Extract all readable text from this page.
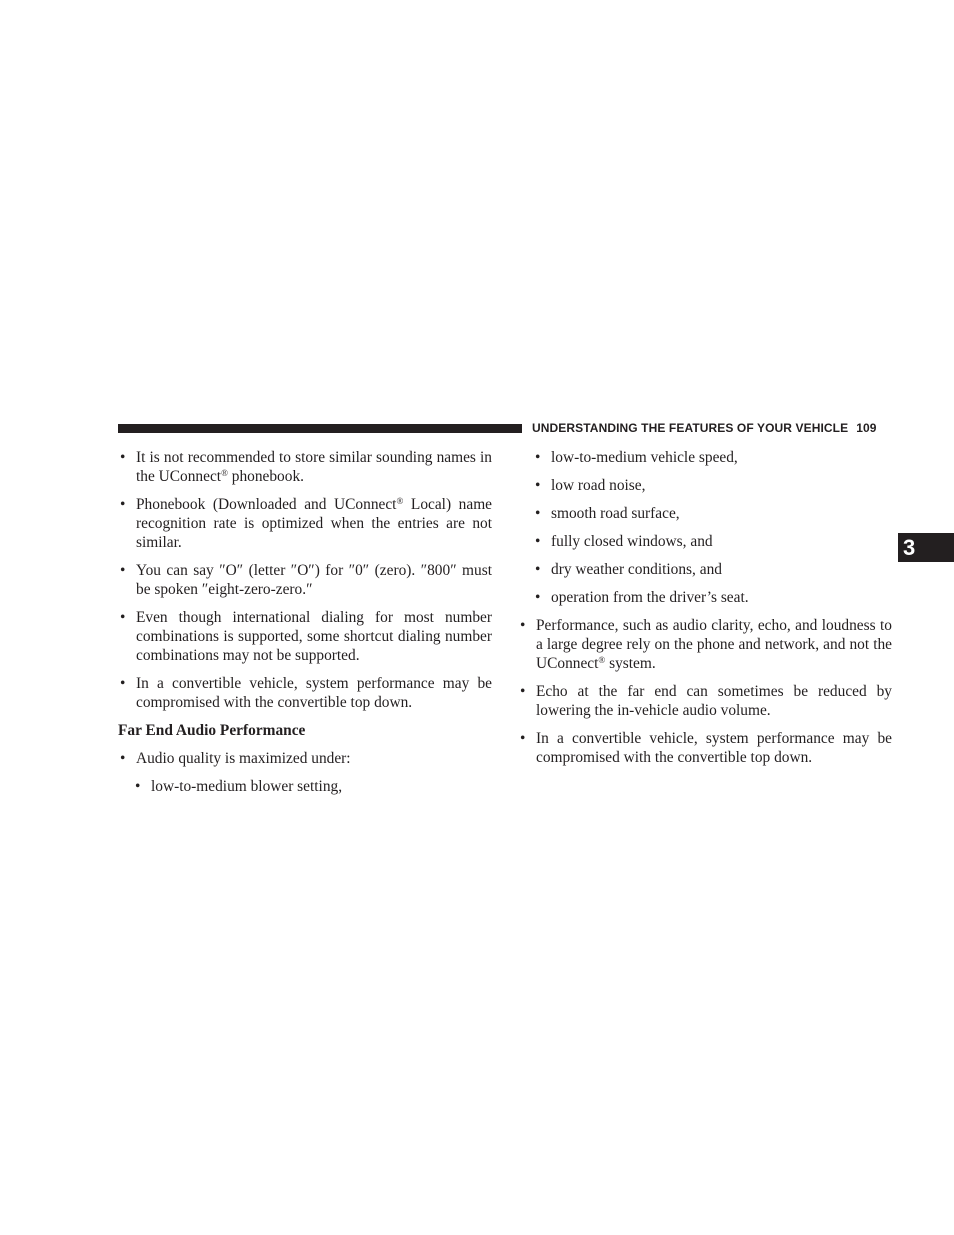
UNDERSTANDING THE FEATURES OF YOUR VEHICLE 109
3
• It is not recommended to store similar sounding names in the UConnect® phonebook.
• Phonebook (Downloaded and UConnect® Local) name recognition rate is optimized when the entries are not similar.
• You can say ″O″ (letter ″O″) for ″0″ (zero). ″800″ must be spoken ″eight-zero-zero.″
• Even though international dialing for most number combinations is supported, some shortcut dialing number combinations may not be supported.
• In a convertible vehicle, system performance may be compromised with the convertible top down.
Far End Audio Performance
• Audio quality is maximized under:
• low-to-medium blower setting,
• low-to-medium vehicle speed,
• low road noise,
• smooth road surface,
• fully closed windows, and
• dry weather conditions, and
• operation from the driver’s seat.
• Performance, such as audio clarity, echo, and loudness to a large degree rely on the phone and network, and not the UConnect® system.
• Echo at the far end can sometimes be reduced by lowering the in-vehicle audio volume.
• In a convertible vehicle, system performance may be compromised with the convertible top down.
